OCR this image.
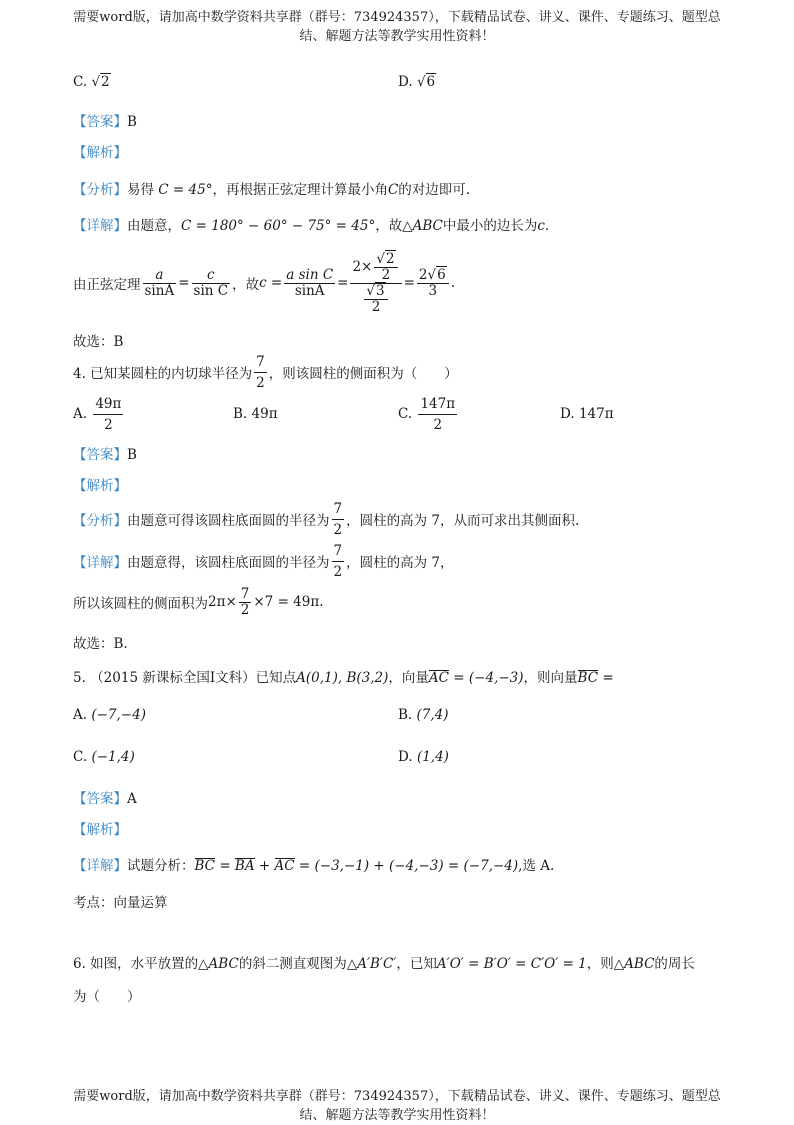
需要word版，请加高中数学资料共享群（群号：734924357），下载精品试卷、讲义、课件、专题练习、题型总
结、解题方法等教学实用性资料！
C. √2	D. √6
【答案】B
【解析】
【分析】易得 C = 45°，再根据正弦定理计算最小角C的对边即可.
【详解】由题意，C = 180° − 60° − 75° = 45°，故△ABC中最小的边长为c.
由正弦定理 $\frac{a}{\sin A} = \frac{c}{\text{sin C}}$ ，故 $c = \frac{\text{a sin C}}{\sin A} = \frac{2\times \frac{√2}{2}}{\frac{√3}{2}} = \frac{2√6}{3}$ .
故选：B
4. 已知某圆柱的内切球半径为 $\frac{7}{2}$ ，则该圆柱的侧面积为（　　）
A.
$\frac{49\pi}{2}$	B.
49π	C.
$\frac{147\pi}{2}$	D.
147π
【答案】B
【解析】
【分析】 由题意可得该圆柱底面圆的半径为 $\frac{7}{2}$ ，圆柱的高为 7，从而可求出其侧面积.
【详解】 由题意得，该圆柱底面圆的半径为 $\frac{7}{2}$ ，圆柱的高为 7，
所以该圆柱的侧面积为 $2\pi\times \frac{7}{2} \times 7 = 49\pi$ .
故选：B.
5. （2015 新课标全国Ⅰ文科）已知点A(0,1), B(3,2)，向量AC = (−4,−3)，则向量BC =
A. (−7,−4)	B. (7,4)
C. (−1,4)	D. (1,4)
【答案】A
【解析】
【详解】试题分析：BC = BA + AC = (−3,−1) + (−4,−3) = (−7,−4),选 A.
考点：向量运算
6. 如图，水平放置的△ABC的斜二测直观图为△A′B′C′，已知A′O′ = B′O′ = C′O′ = 1，则△ABC的周长
为（　　）
需要word版，请加高中数学资料共享群（群号：734924357），下载精品试卷、讲义、课件、专题练习、题型总
结、解题方法等教学实用性资料！
